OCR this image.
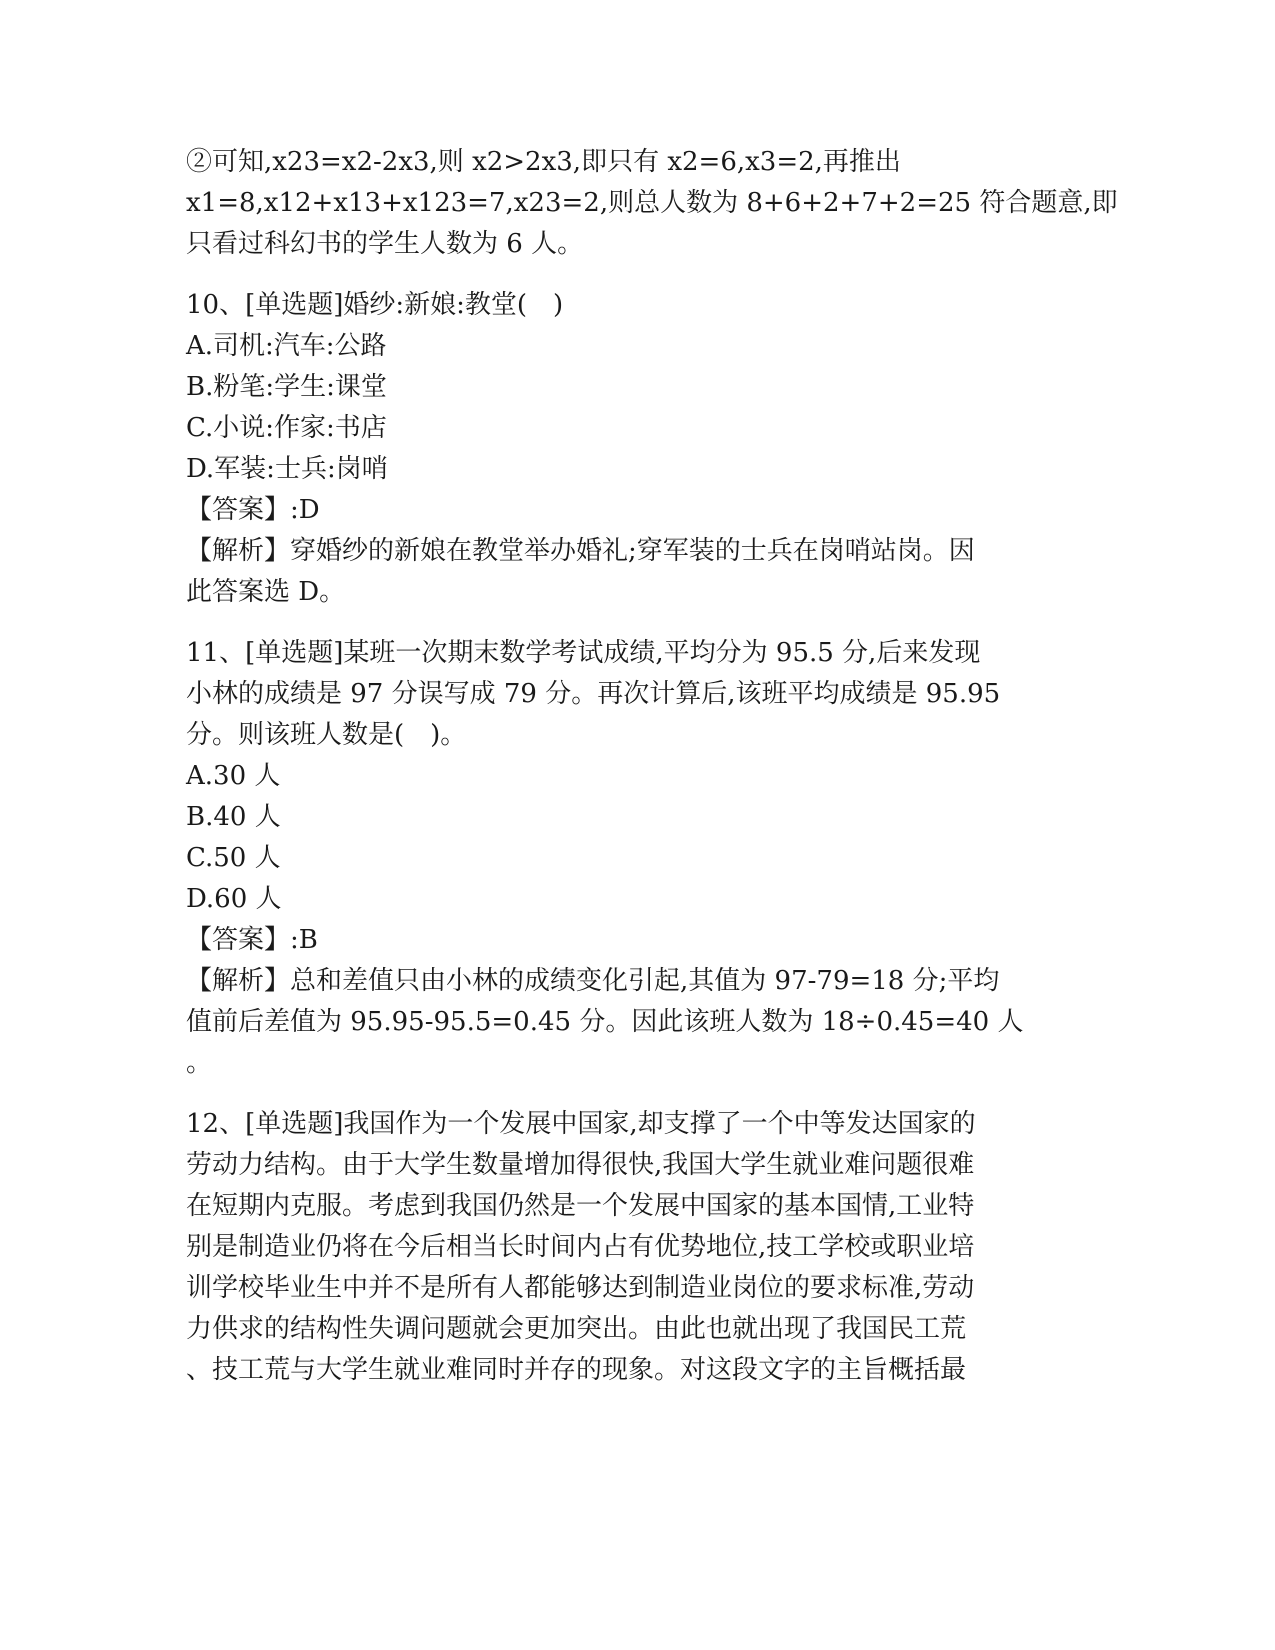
②可知,x23=x2-2x3,则 x2>2x3,即只有 x2=6,x3=2,再推出
x1=8,x12+x13+x123=7,x23=2,则总人数为 8+6+2+7+2=25 符合题意,即
只看过科幻书的学生人数为 6 人。
10、[单选题]婚纱:新娘:教堂(　)
A.司机:汽车:公路
B.粉笔:学生:课堂
C.小说:作家:书店
D.军装:士兵:岗哨
【答案】:D
【解析】穿婚纱的新娘在教堂举办婚礼;穿军装的士兵在岗哨站岗。因
此答案选 D。
11、[单选题]某班一次期末数学考试成绩,平均分为 95.5 分,后来发现
小林的成绩是 97 分误写成 79 分。再次计算后,该班平均成绩是 95.95
分。则该班人数是(　)。
A.30 人
B.40 人
C.50 人
D.60 人
【答案】:B
【解析】总和差值只由小林的成绩变化引起,其值为 97-79=18 分;平均
值前后差值为 95.95-95.5=0.45 分。因此该班人数为 18÷0.45=40 人
。
12、[单选题]我国作为一个发展中国家,却支撑了一个中等发达国家的
劳动力结构。由于大学生数量增加得很快,我国大学生就业难问题很难
在短期内克服。考虑到我国仍然是一个发展中国家的基本国情,工业特
别是制造业仍将在今后相当长时间内占有优势地位,技工学校或职业培
训学校毕业生中并不是所有人都能够达到制造业岗位的要求标准,劳动
力供求的结构性失调问题就会更加突出。由此也就出现了我国民工荒
、技工荒与大学生就业难同时并存的现象。对这段文字的主旨概括最
